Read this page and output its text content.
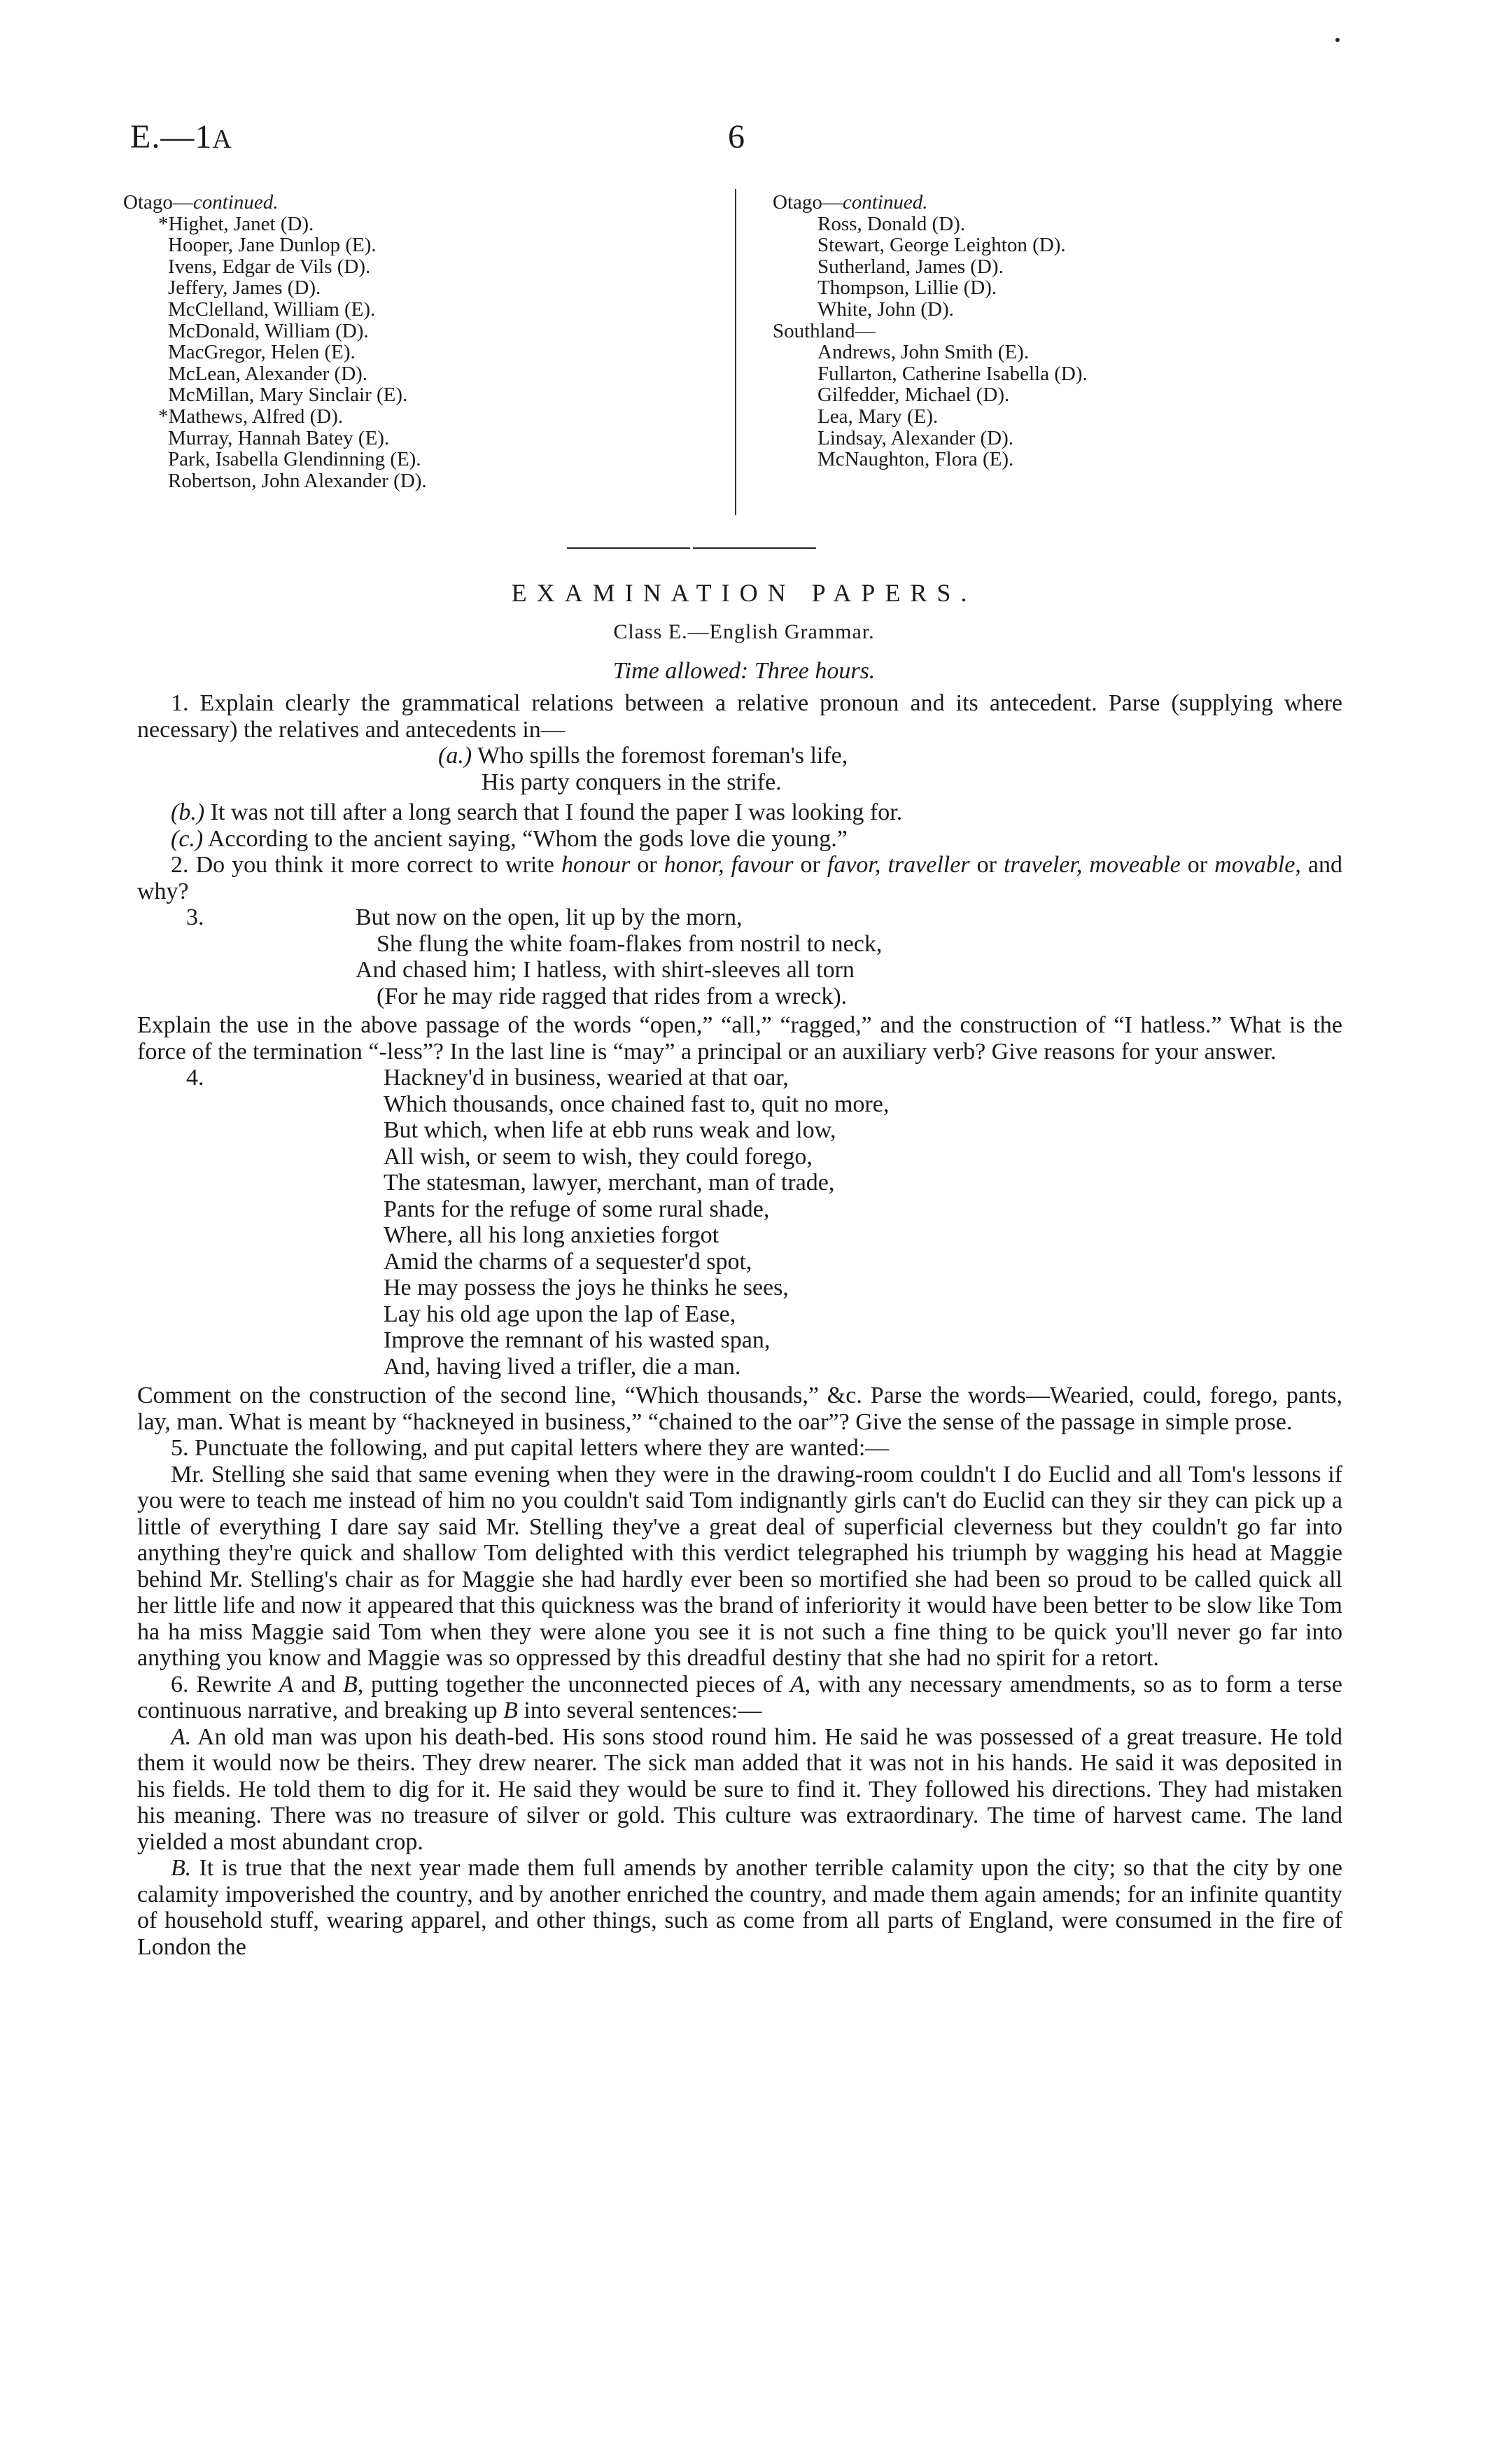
E.—1A	6
Otago—continued.
*Highet, Janet (D).
Hooper, Jane Dunlop (E).
Ivens, Edgar de Vils (D).
Jeffery, James (D).
McClelland, William (E).
McDonald, William (D).
MacGregor, Helen (E).
McLean, Alexander (D).
McMillan, Mary Sinclair (E).
*Mathews, Alfred (D).
Murray, Hannah Batey (E).
Park, Isabella Glendinning (E).
Robertson, John Alexander (D).
Otago—continued.
Ross, Donald (D).
Stewart, George Leighton (D).
Sutherland, James (D).
Thompson, Lillie (D).
White, John (D).
Southland—
Andrews, John Smith (E).
Fullarton, Catherine Isabella (D).
Gilfedder, Michael (D).
Lea, Mary (E).
Lindsay, Alexander (D).
McNaughton, Flora (E).
EXAMINATION PAPERS.
Class E.—English Grammar.
Time allowed: Three hours.

1. Explain clearly the grammatical relations between a relative pronoun and its antecedent. Parse (supplying where necessary) the relatives and antecedents in—

(a.) Who spills the foremost foreman's life,

His party conquers in the strife.

(b.) It was not till after a long search that I found the paper I was looking for.

(c.) According to the ancient saying, “Whom the gods love die young.”

2. Do you think it more correct to write honour or honor, favour or favor, traveller or traveler, moveable or movable, and why?

3.	But now on the open, lit up by the morn,

She flung the white foam-flakes from nostril to neck,

And chased him; I hatless, with shirt-sleeves all torn

(For he may ride ragged that rides from a wreck).

Explain the use in the above passage of the words “open,” “all,” “ragged,” and the construction of “I hatless.” What is the force of the termination “-less”? In the last line is “may” a principal or an auxiliary verb? Give reasons for your answer.

4.	Hackney'd in business, wearied at that oar,

Which thousands, once chained fast to, quit no more,

But which, when life at ebb runs weak and low,

All wish, or seem to wish, they could forego,

The statesman, lawyer, merchant, man of trade,

Pants for the refuge of some rural shade,

Where, all his long anxieties forgot

Amid the charms of a sequester'd spot,

He may possess the joys he thinks he sees,

Lay his old age upon the lap of Ease,

Improve the remnant of his wasted span,

And, having lived a trifler, die a man.

Comment on the construction of the second line, “Which thousands,” &c. Parse the words—Wearied, could, forego, pants, lay, man. What is meant by “hackneyed in business,” “chained to the oar”? Give the sense of the passage in simple prose.

5. Punctuate the following, and put capital letters where they are wanted:—

Mr. Stelling she said that same evening when they were in the drawing-room couldn't I do Euclid and all Tom's lessons if you were to teach me instead of him no you couldn't said Tom indignantly girls can't do Euclid can they sir they can pick up a little of everything I dare say said Mr. Stelling they've a great deal of superficial cleverness but they couldn't go far into anything they're quick and shallow Tom delighted with this verdict telegraphed his triumph by wagging his head at Maggie behind Mr. Stelling's chair as for Maggie she had hardly ever been so mortified she had been so proud to be called quick all her little life and now it appeared that this quickness was the brand of inferiority it would have been better to be slow like Tom ha ha miss Maggie said Tom when they were alone you see it is not such a fine thing to be quick you'll never go far into anything you know and Maggie was so oppressed by this dreadful destiny that she had no spirit for a retort.

6. Rewrite A and B, putting together the unconnected pieces of A, with any necessary amendments, so as to form a terse continuous narrative, and breaking up B into several sentences:—

A. An old man was upon his death-bed. His sons stood round him. He said he was possessed of a great treasure. He told them it would now be theirs. They drew nearer. The sick man added that it was not in his hands. He said it was deposited in his fields. He told them to dig for it. He said they would be sure to find it. They followed his directions. They had mistaken his meaning. There was no treasure of silver or gold. This culture was extraordinary. The time of harvest came. The land yielded a most abundant crop.

B. It is true that the next year made them full amends by another terrible calamity upon the city; so that the city by one calamity impoverished the country, and by another enriched the country, and made them again amends; for an infinite quantity of household stuff, wearing apparel, and other things, such as come from all parts of England, were consumed in the fire of London the
